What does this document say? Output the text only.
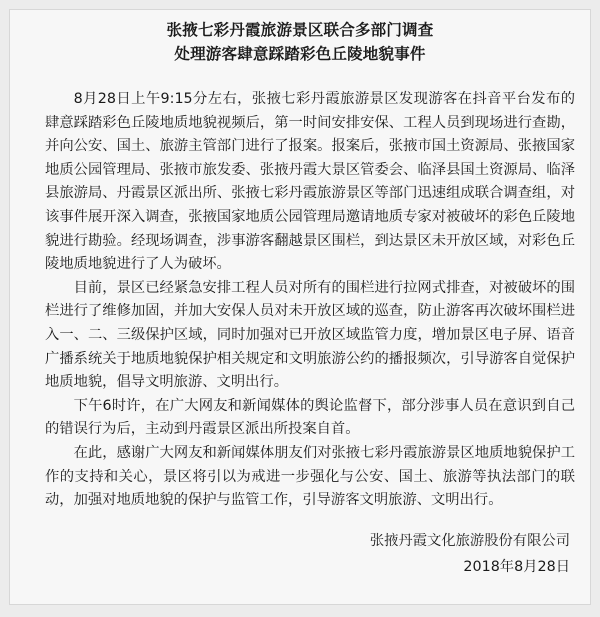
张掖七彩丹霞旅游景区联合多部门调查
处理游客肆意踩踏彩色丘陵地貌事件

8月28日上午9:15分左右，张掖七彩丹霞旅游景区发现游客在抖音平台发布的肆意踩踏彩色丘陵地质地貌视频后，第一时间安排安保、工程人员到现场进行查勘，并向公安、国土、旅游主管部门进行了报案。报案后，张掖市国土资源局、张掖国家地质公园管理局、张掖市旅发委、张掖丹霞大景区管委会、临泽县国土资源局、临泽县旅游局、丹霞景区派出所、张掖七彩丹霞旅游景区等部门迅速组成联合调查组，对该事件展开深入调查，张掖国家地质公园管理局邀请地质专家对被破坏的彩色丘陵地貌进行勘验。经现场调查，涉事游客翻越景区围栏，到达景区未开放区域，对彩色丘陵地质地貌进行了人为破坏。

目前，景区已经紧急安排工程人员对所有的围栏进行拉网式排查，对被破坏的围栏进行了维修加固，并加大安保人员对未开放区域的巡查，防止游客再次破坏围栏进入一、二、三级保护区域，同时加强对已开放区域监管力度，增加景区电子屏、语音广播系统关于地质地貌保护相关规定和文明旅游公约的播报频次，引导游客自觉保护地质地貌，倡导文明旅游、文明出行。

下午6时许，在广大网友和新闻媒体的舆论监督下，部分涉事人员在意识到自己的错误行为后，主动到丹霞景区派出所投案自首。

在此，感谢广大网友和新闻媒体朋友们对张掖七彩丹霞旅游景区地质地貌保护工作的支持和关心，景区将引以为戒进一步强化与公安、国土、旅游等执法部门的联动，加强对地质地貌的保护与监管工作，引导游客文明旅游、文明出行。

张掖丹霞文化旅游股份有限公司
2018年8月28日
